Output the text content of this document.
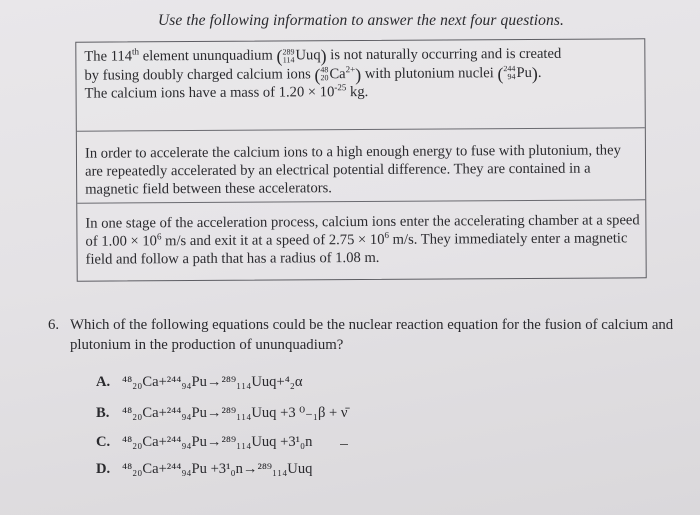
Use the following information to answer the next four questions.
The 114th element ununquadium ( 289
114 Uuq) is not naturally occurring and is created
by fusing doubly charged calcium ions ( 48
20 $Ca^{2+}$) with plutonium nuclei ( 244
94 Pu).
The calcium ions have a mass of $1.20 \times 10^{-25}$ kg.
In order to accelerate the calcium ions to a high enough energy to fuse with plutonium, they are repeatedly accelerated by an electrical potential difference. They are contained in a magnetic field between these accelerators.
In one stage of the acceleration process, calcium ions enter the accelerating chamber at a speed of $1.00 \times 10^6$ m/s and exit it at a speed of $2.75 \times 10^6$ m/s. They immediately enter a magnetic field and follow a path that has a radius of 1.08 m.
6. Which of the following equations could be the nuclear reaction equation for the fusion of calcium and plutonium in the production of ununquadium?
A. ⁴⁸₂₀Ca+²⁴⁴₉₄Pu→²⁸⁹₁₁₄Uuq+⁴₂α
B. ⁴⁸₂₀Ca+²⁴⁴₉₄Pu→²⁸⁹₁₁₄Uuq +3 ⁰₋₁β + ν̄
C. ⁴⁸₂₀Ca+²⁴⁴₉₄Pu→²⁸⁹₁₁₄Uuq +3¹₀n
D. ⁴⁸₂₀Ca+²⁴⁴₉₄Pu +3¹₀n→²⁸⁹₁₁₄Uuq
